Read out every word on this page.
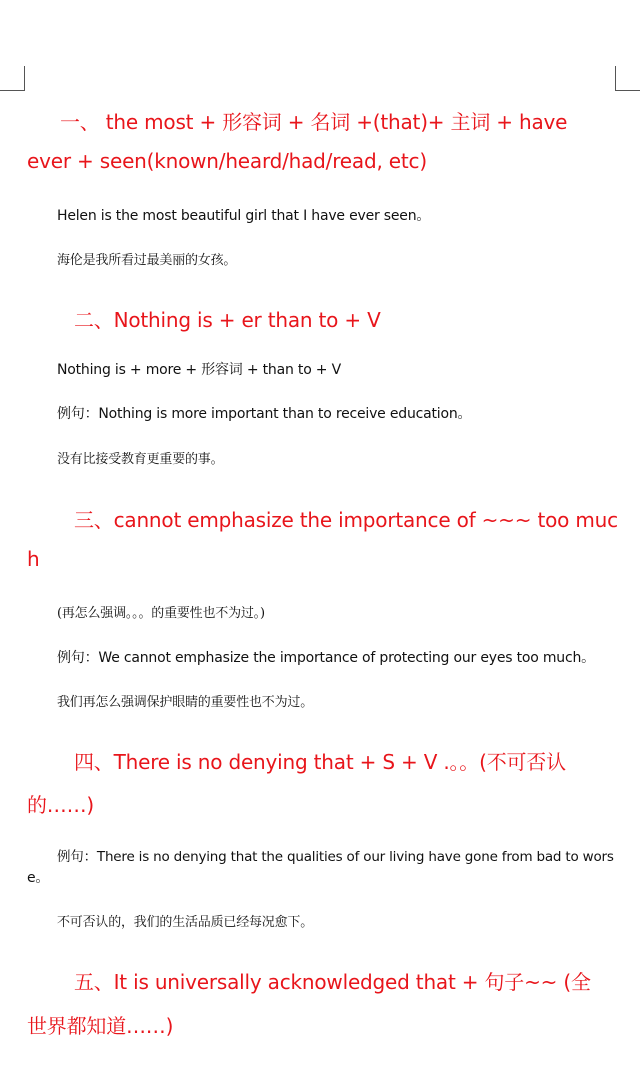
一、 the most + 形容词 + 名词 +(that)+ 主词 + have
ever + seen(known/heard/had/read, etc)
Helen is the most beautiful girl that I have ever seen。
海伦是我所看过最美丽的女孩。
二、Nothing is + er than to + V
Nothing is + more + 形容词 + than to + V
例句：Nothing is more important than to receive education。
没有比接受教育更重要的事。
三、cannot emphasize the importance of ~~~ too muc
h
(再怎么强调。。。的重要性也不为过。)
例句：We cannot emphasize the importance of protecting our eyes too much。
我们再怎么强调保护眼睛的重要性也不为过。
四、There is no denying that + S + V .。。(不可否认
的……)
例句：There is no denying that the qualities of our living have gone from bad to wors
e。
不可否认的，我们的生活品质已经每况愈下。
五、It is universally acknowledged that + 句子~~ (全
世界都知道……)
